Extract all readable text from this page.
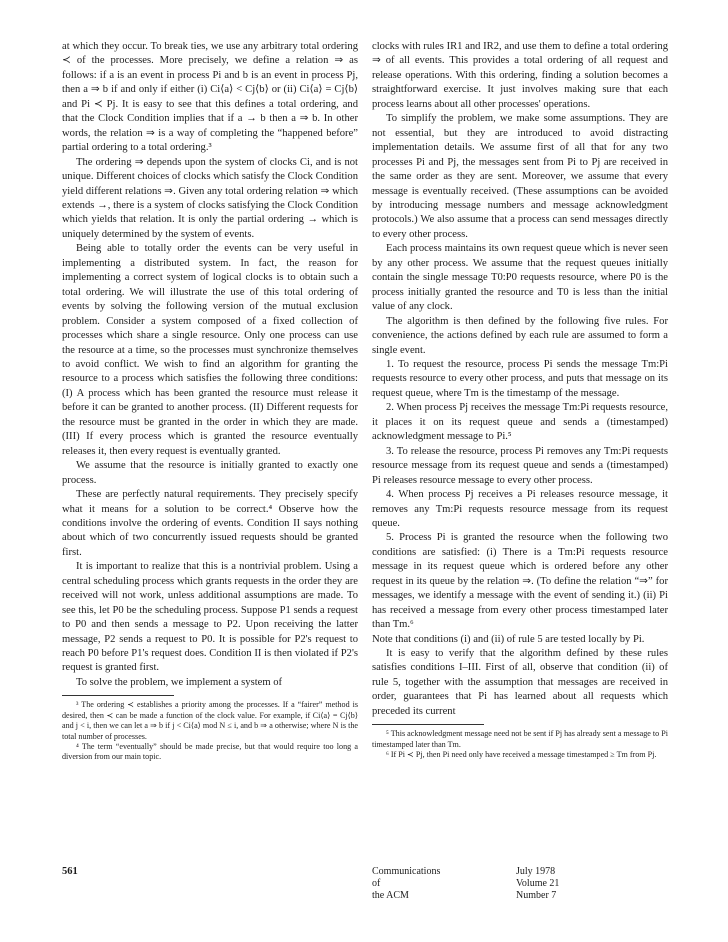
at which they occur. To break ties, we use any arbitrary total ordering ≺ of the processes. More precisely, we define a relation ⇒ as follows: if a is an event in process Pi and b is an event in process Pj, then a ⇒ b if and only if either (i) Ci⟨a⟩ < Cj⟨b⟩ or (ii) Ci⟨a⟩ = Cj⟨b⟩ and Pi ≺ Pj. It is easy to see that this defines a total ordering, and that the Clock Condition implies that if a → b then a ⇒ b. In other words, the relation ⇒ is a way of completing the “happened before” partial ordering to a total ordering.³

The ordering ⇒ depends upon the system of clocks Ci, and is not unique. Different choices of clocks which satisfy the Clock Condition yield different relations ⇒. Given any total ordering relation ⇒ which extends →, there is a system of clocks satisfying the Clock Condition which yields that relation. It is only the partial ordering → which is uniquely determined by the system of events.

Being able to totally order the events can be very useful in implementing a distributed system. In fact, the reason for implementing a correct system of logical clocks is to obtain such a total ordering. We will illustrate the use of this total ordering of events by solving the following version of the mutual exclusion problem. Consider a system composed of a fixed collection of processes which share a single resource. Only one process can use the resource at a time, so the processes must synchronize themselves to avoid conflict. We wish to find an algorithm for granting the resource to a process which satisfies the following three conditions: (I) A process which has been granted the resource must release it before it can be granted to another process. (II) Different requests for the resource must be granted in the order in which they are made. (III) If every process which is granted the resource eventually releases it, then every request is eventually granted.

We assume that the resource is initially granted to exactly one process.

These are perfectly natural requirements. They precisely specify what it means for a solution to be correct.⁴ Observe how the conditions involve the ordering of events. Condition II says nothing about which of two concurrently issued requests should be granted first.

It is important to realize that this is a nontrivial problem. Using a central scheduling process which grants requests in the order they are received will not work, unless additional assumptions are made. To see this, let P0 be the scheduling process. Suppose P1 sends a request to P0 and then sends a message to P2. Upon receiving the latter message, P2 sends a request to P0. It is possible for P2's request to reach P0 before P1's request does. Condition II is then violated if P2's request is granted first.

To solve the problem, we implement a system of

³ The ordering ≺ establishes a priority among the processes. If a “fairer” method is desired, then ≺ can be made a function of the clock value. For example, if Ci⟨a⟩ = Cj⟨b⟩ and j < i, then we can let a ⇒ b if j < Ci⟨a⟩ mod N ≤ i, and b ⇒ a otherwise; where N is the total number of processes.

⁴ The term “eventually” should be made precise, but that would require too long a diversion from our main topic.

clocks with rules IR1 and IR2, and use them to define a total ordering ⇒ of all events. This provides a total ordering of all request and release operations. With this ordering, finding a solution becomes a straightforward exercise. It just involves making sure that each process learns about all other processes' operations.

To simplify the problem, we make some assumptions. They are not essential, but they are introduced to avoid distracting implementation details. We assume first of all that for any two processes Pi and Pj, the messages sent from Pi to Pj are received in the same order as they are sent. Moreover, we assume that every message is eventually received. (These assumptions can be avoided by introducing message numbers and message acknowledgment protocols.) We also assume that a process can send messages directly to every other process.

Each process maintains its own request queue which is never seen by any other process. We assume that the request queues initially contain the single message T0:P0 requests resource, where P0 is the process initially granted the resource and T0 is less than the initial value of any clock.

The algorithm is then defined by the following five rules. For convenience, the actions defined by each rule are assumed to form a single event.

1. To request the resource, process Pi sends the message Tm:Pi requests resource to every other process, and puts that message on its request queue, where Tm is the timestamp of the message.

2. When process Pj receives the message Tm:Pi requests resource, it places it on its request queue and sends a (timestamped) acknowledgment message to Pi.⁵

3. To release the resource, process Pi removes any Tm:Pi requests resource message from its request queue and sends a (timestamped) Pi releases resource message to every other process.

4. When process Pj receives a Pi releases resource message, it removes any Tm:Pi requests resource message from its request queue.

5. Process Pi is granted the resource when the following two conditions are satisfied: (i) There is a Tm:Pi requests resource message in its request queue which is ordered before any other request in its queue by the relation ⇒. (To define the relation “⇒” for messages, we identify a message with the event of sending it.) (ii) Pi has received a message from every other process timestamped later than Tm.⁶

Note that conditions (i) and (ii) of rule 5 are tested locally by Pi.

It is easy to verify that the algorithm defined by these rules satisfies conditions I–III. First of all, observe that condition (ii) of rule 5, together with the assumption that messages are received in order, guarantees that Pi has learned about all requests which preceded its current

⁵ This acknowledgment message need not be sent if Pj has already sent a message to Pi timestamped later than Tm.

⁶ If Pi ≺ Pj, then Pi need only have received a message timestamped ≥ Tm from Pj.

561	Communications
of
the ACM
July 1978
Volume 21
Number 7
